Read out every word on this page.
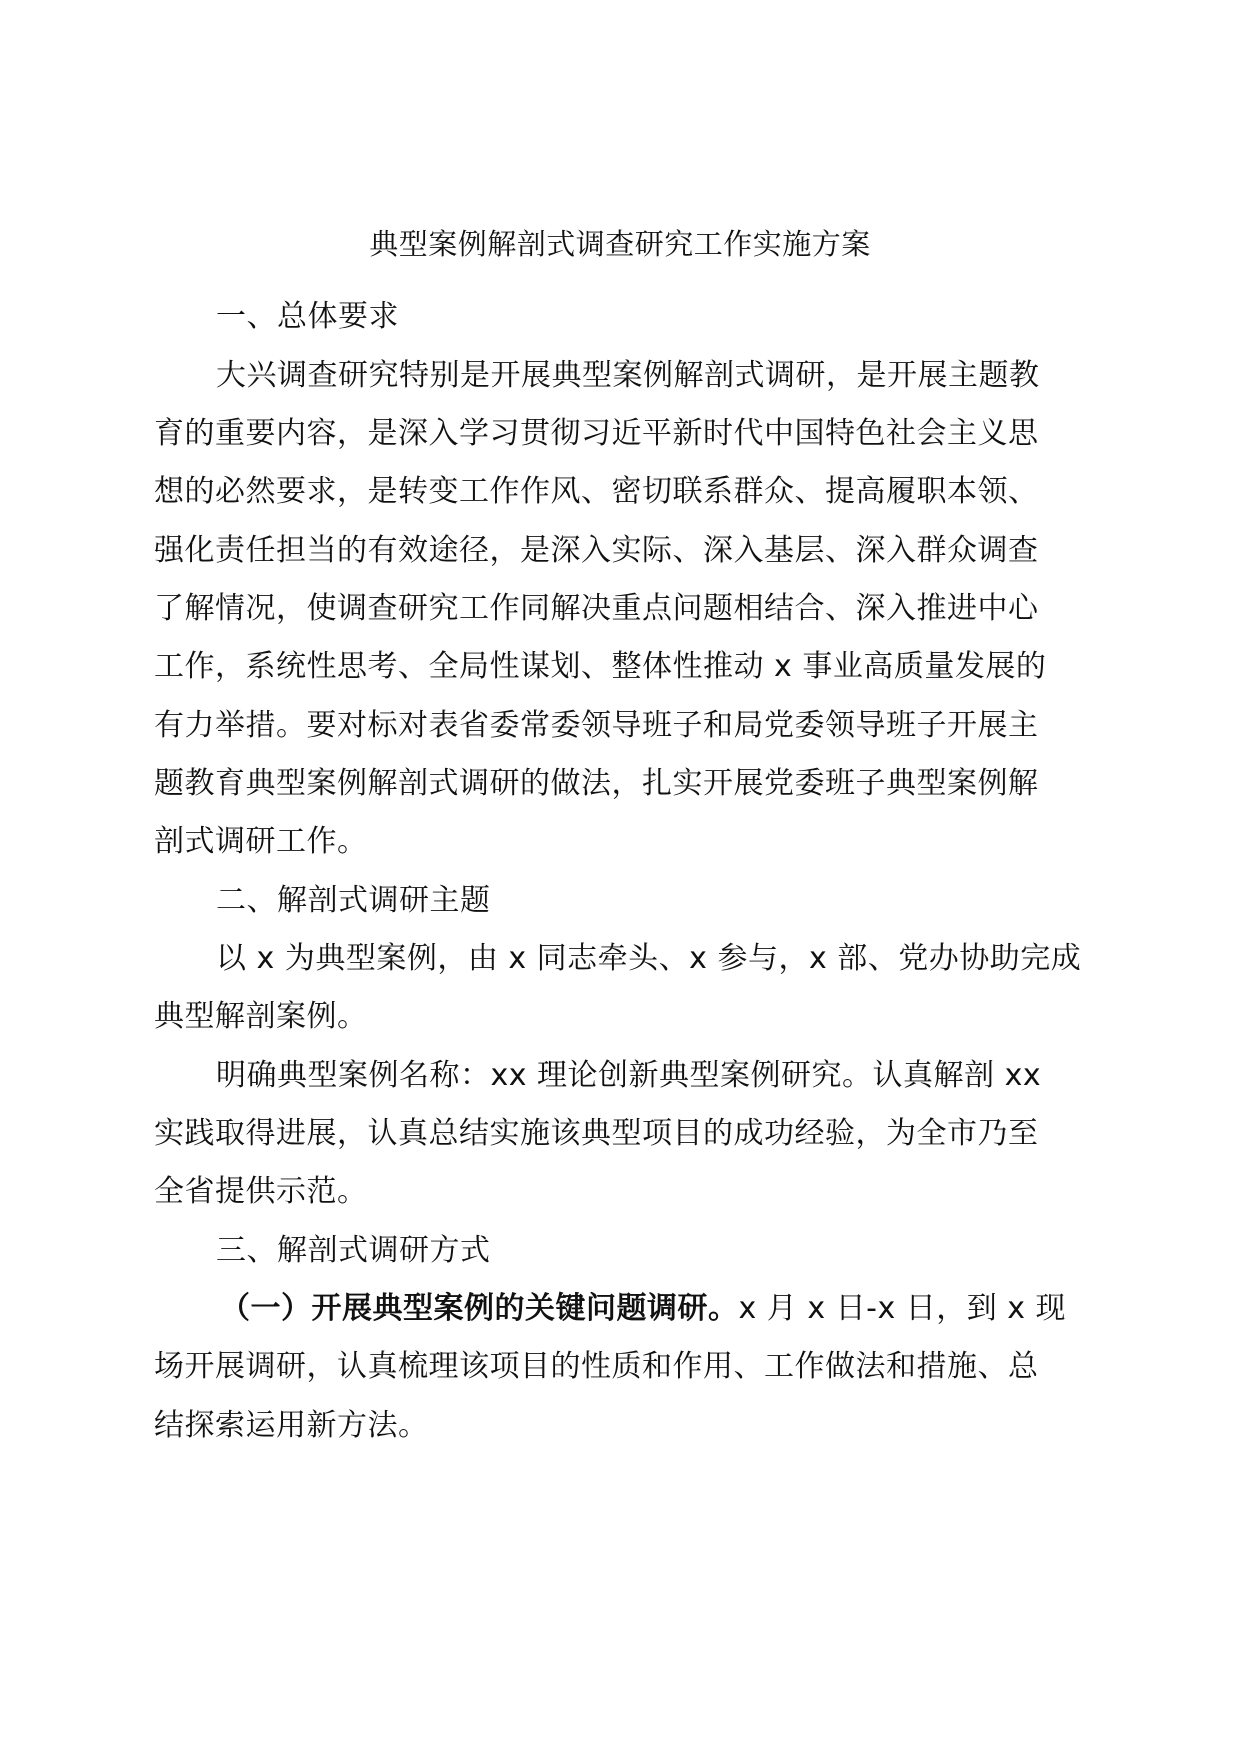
典型案例解剖式调查研究工作实施方案
一、总体要求
大兴调查研究特别是开展典型案例解剖式调研，是开展主题教
育的重要内容，是深入学习贯彻习近平新时代中国特色社会主义思
想的必然要求，是转变工作作风、密切联系群众、提高履职本领、
强化责任担当的有效途径，是深入实际、深入基层、深入群众调查
了解情况，使调查研究工作同解决重点问题相结合、深入推进中心
工作，系统性思考、全局性谋划、整体性推动 x 事业高质量发展的
有力举措。要对标对表省委常委领导班子和局党委领导班子开展主
题教育典型案例解剖式调研的做法，扎实开展党委班子典型案例解
剖式调研工作。
二、解剖式调研主题
以 x 为典型案例，由 x 同志牵头、x 参与，x 部、党办协助完成
典型解剖案例。
明确典型案例名称：xx 理论创新典型案例研究。认真解剖 xx
实践取得进展，认真总结实施该典型项目的成功经验，为全市乃至
全省提供示范。
三、解剖式调研方式
（一）开展典型案例的关键问题调研。x 月 x 日-x 日，到 x 现
场开展调研，认真梳理该项目的性质和作用、工作做法和措施、总
结探索运用新方法。
